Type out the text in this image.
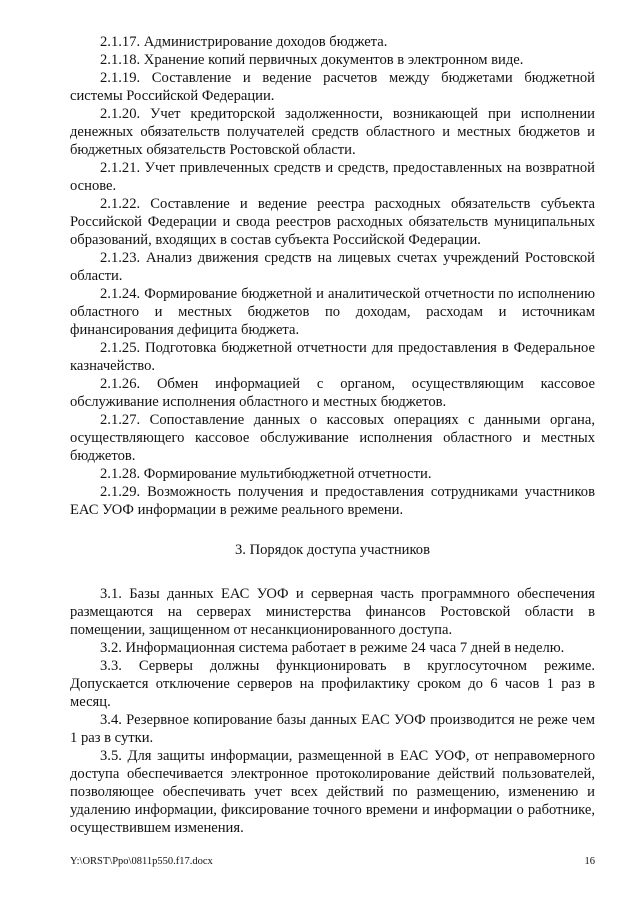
2.1.17. Администрирование доходов бюджета.

2.1.18. Хранение копий первичных документов в электронном виде.

2.1.19. Составление и ведение расчетов между бюджетами бюджетной системы Российской Федерации.

2.1.20. Учет кредиторской задолженности, возникающей при исполнении денежных обязательств получателей средств областного и местных бюджетов и бюджетных обязательств Ростовской области.

2.1.21. Учет привлеченных средств и средств, предоставленных на возвратной основе.

2.1.22. Составление и ведение реестра расходных обязательств субъекта Российской Федерации и свода реестров расходных обязательств муниципальных образований, входящих в состав субъекта Российской Федерации.

2.1.23. Анализ движения средств на лицевых счетах учреждений Ростовской области.

2.1.24. Формирование бюджетной и аналитической отчетности по исполнению областного и местных бюджетов по доходам, расходам и источникам финансирования дефицита бюджета.

2.1.25. Подготовка бюджетной отчетности для предоставления в Федеральное казначейство.

2.1.26. Обмен информацией с органом, осуществляющим кассовое обслуживание исполнения областного и местных бюджетов.

2.1.27. Сопоставление данных о кассовых операциях с данными органа, осуществляющего кассовое обслуживание исполнения областного и местных бюджетов.

2.1.28. Формирование мультибюджетной отчетности.

2.1.29. Возможность получения и предоставления сотрудниками участников ЕАС УОФ информации в режиме реального времени.

3. Порядок доступа участников

3.1. Базы данных ЕАС УОФ и серверная часть программного обеспечения размещаются на серверах министерства финансов Ростовской области в помещении, защищенном от несанкционированного доступа.

3.2. Информационная система работает в режиме 24 часа 7 дней в неделю.

3.3. Серверы должны функционировать в круглосуточном режиме. Допускается отключение серверов на профилактику сроком до 6 часов 1 раз в месяц.

3.4. Резервное копирование базы данных ЕАС УОФ производится не реже чем 1 раз в сутки.

3.5. Для защиты информации, размещенной в ЕАС УОФ, от неправомерного доступа обеспечивается электронное протоколирование действий пользователей, позволяющее обеспечивать учет всех действий по размещению, изменению и удалению информации, фиксирование точного времени и информации о работнике, осуществившем изменения.

Y:\ORST\Ppo\0811p550.f17.docx	16
